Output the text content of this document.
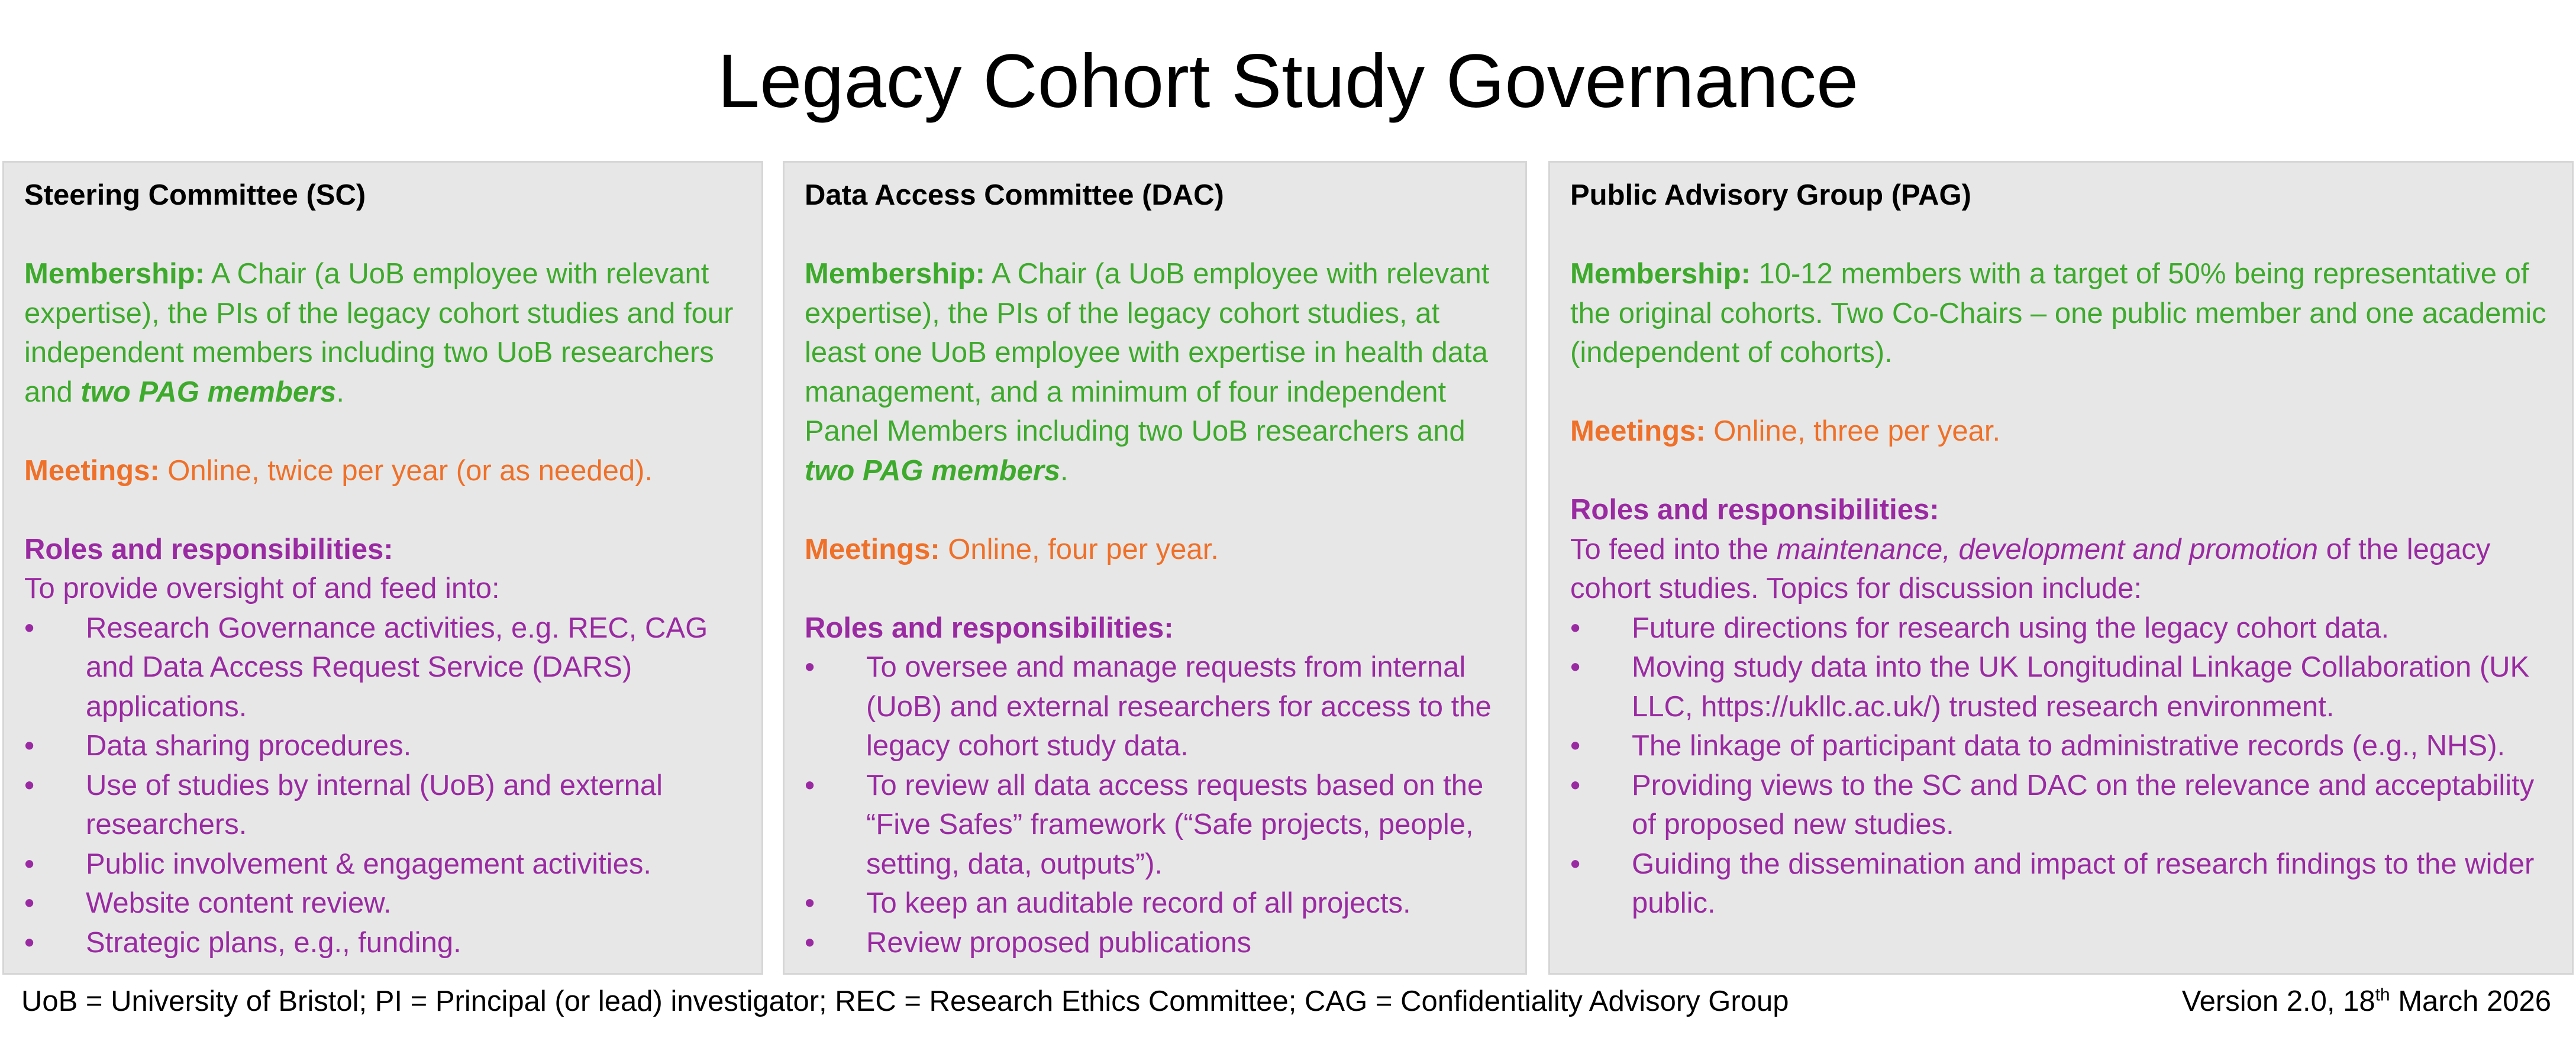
Legacy Cohort Study Governance
Steering Committee (SC)
Membership: A Chair (a UoB employee with relevant expertise), the PIs of the legacy cohort studies and four independent members including two UoB researchers and two PAG members.
Meetings: Online, twice per year (or as needed).
Roles and responsibilities:
To provide oversight of and feed into:
•	Research Governance activities, e.g. REC, CAG and Data Access Request Service (DARS) applications.
•	Data sharing procedures.
•	Use of studies by internal (UoB) and external researchers.
•	Public involvement & engagement activities.
•	Website content review.
•	Strategic plans, e.g., funding.
Data Access Committee (DAC)
Membership: A Chair (a UoB employee with relevant expertise), the PIs of the legacy cohort studies, at least one UoB employee with expertise in health data management, and a minimum of four independent Panel Members including two UoB researchers and two PAG members.
Meetings: Online, four per year.
Roles and responsibilities:
•	To oversee and manage requests from internal (UoB) and external researchers for access to the legacy cohort study data.
•	To review all data access requests based on the “Five Safes” framework (“Safe projects, people, setting, data, outputs”).
•	To keep an auditable record of all projects.
•	Review proposed publications
Public Advisory Group (PAG)
Membership: 10-12 members with a target of 50% being representative of the original cohorts. Two Co-Chairs – one public member and one academic (independent of cohorts).
Meetings: Online, three per year.
Roles and responsibilities:
To feed into the maintenance, development and promotion of the legacy cohort studies. Topics for discussion include:
•	Future directions for research using the legacy cohort data.
•	Moving study data into the UK Longitudinal Linkage Collaboration (UK LLC, https://ukllc.ac.uk/) trusted research environment.
•	The linkage of participant data to administrative records (e.g., NHS).
•	Providing views to the SC and DAC on the relevance and acceptability of proposed new studies.
•	Guiding the dissemination and impact of research findings to the wider public.
UoB = University of Bristol; PI = Principal (or lead) investigator; REC = Research Ethics Committee; CAG = Confidentiality Advisory Group	Version 2.0, 18th March 2026
